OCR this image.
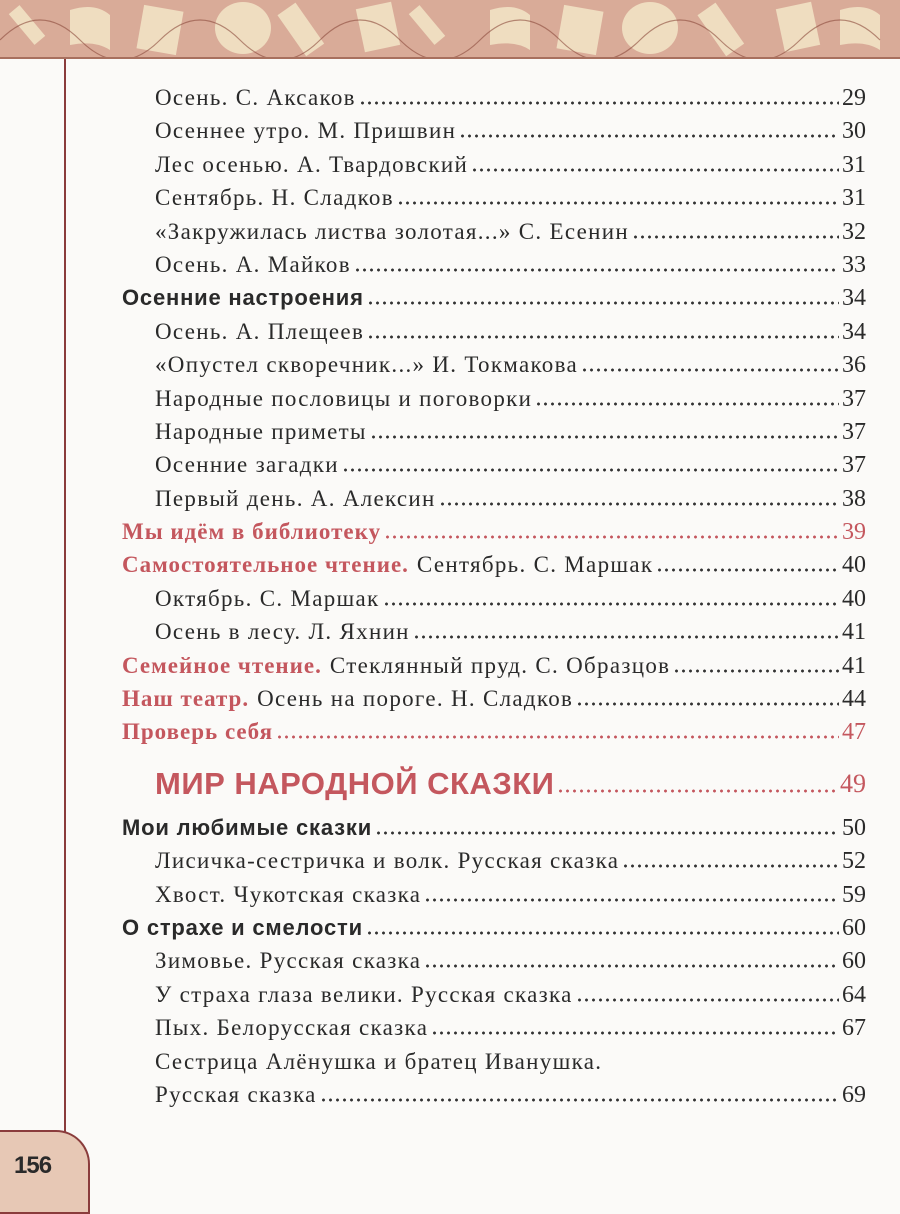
156
Осень. С. Аксаков	29
Осеннее утро. М. Пришвин	30
Лес осенью. А. Твардовский	31
Сентябрь. Н. Сладков	31
«Закружилась листва золотая...» С. Есенин	32
Осень. А. Майков	33
Осенние настроения	34
Осень. А. Плещеев	34
«Опустел скворечник...» И. Токмакова	36
Народные пословицы и поговорки	37
Народные приметы	37
Осенние загадки	37
Первый день. А. Алексин	38
Мы идём в библиотеку	39
Самостоятельное чтение. Сентябрь. С. Маршак	40
Октябрь. С. Маршак	40
Осень в лесу. Л. Яхнин	41
Семейное чтение. Стеклянный пруд. С. Образцов	41
Наш театр. Осень на пороге. Н. Сладков	44
Проверь себя	47
МИР НАРОДНОЙ СКАЗКИ	49
Мои любимые сказки	50
Лисичка-сестричка и волк. Русская сказка	52
Хвост. Чукотская сказка	59
О страхе и смелости	60
Зимовье. Русская сказка	60
У страха глаза велики. Русская сказка	64
Пых. Белорусская сказка	67
Сестрица Алёнушка и братец Иванушка.
Русская сказка	69
